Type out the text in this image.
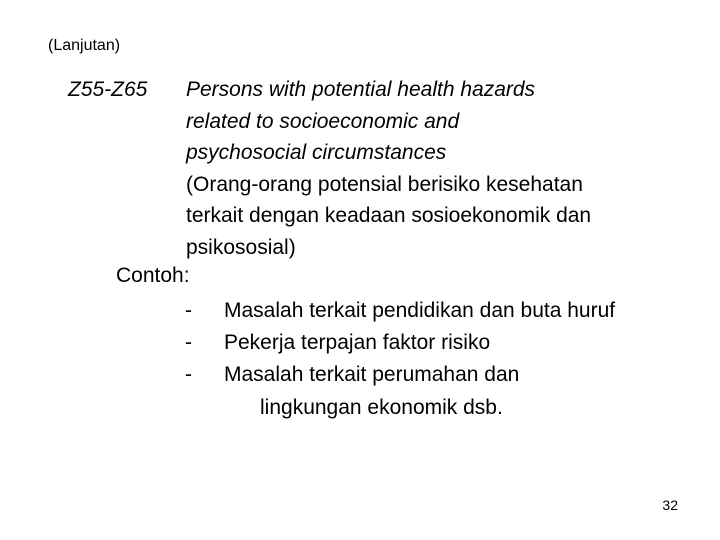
(Lanjutan)
Z55-Z65 Persons with potential health hazards
related to socioeconomic and
psychosocial circumstances
(Orang-orang potensial berisiko kesehatan
terkait dengan keadaan sosioekonomik dan
psikososial)
Contoh:
- Masalah terkait pendidikan dan buta huruf
- Pekerja terpajan faktor risiko
- Masalah terkait perumahan dan
lingkungan ekonomik dsb.
32
